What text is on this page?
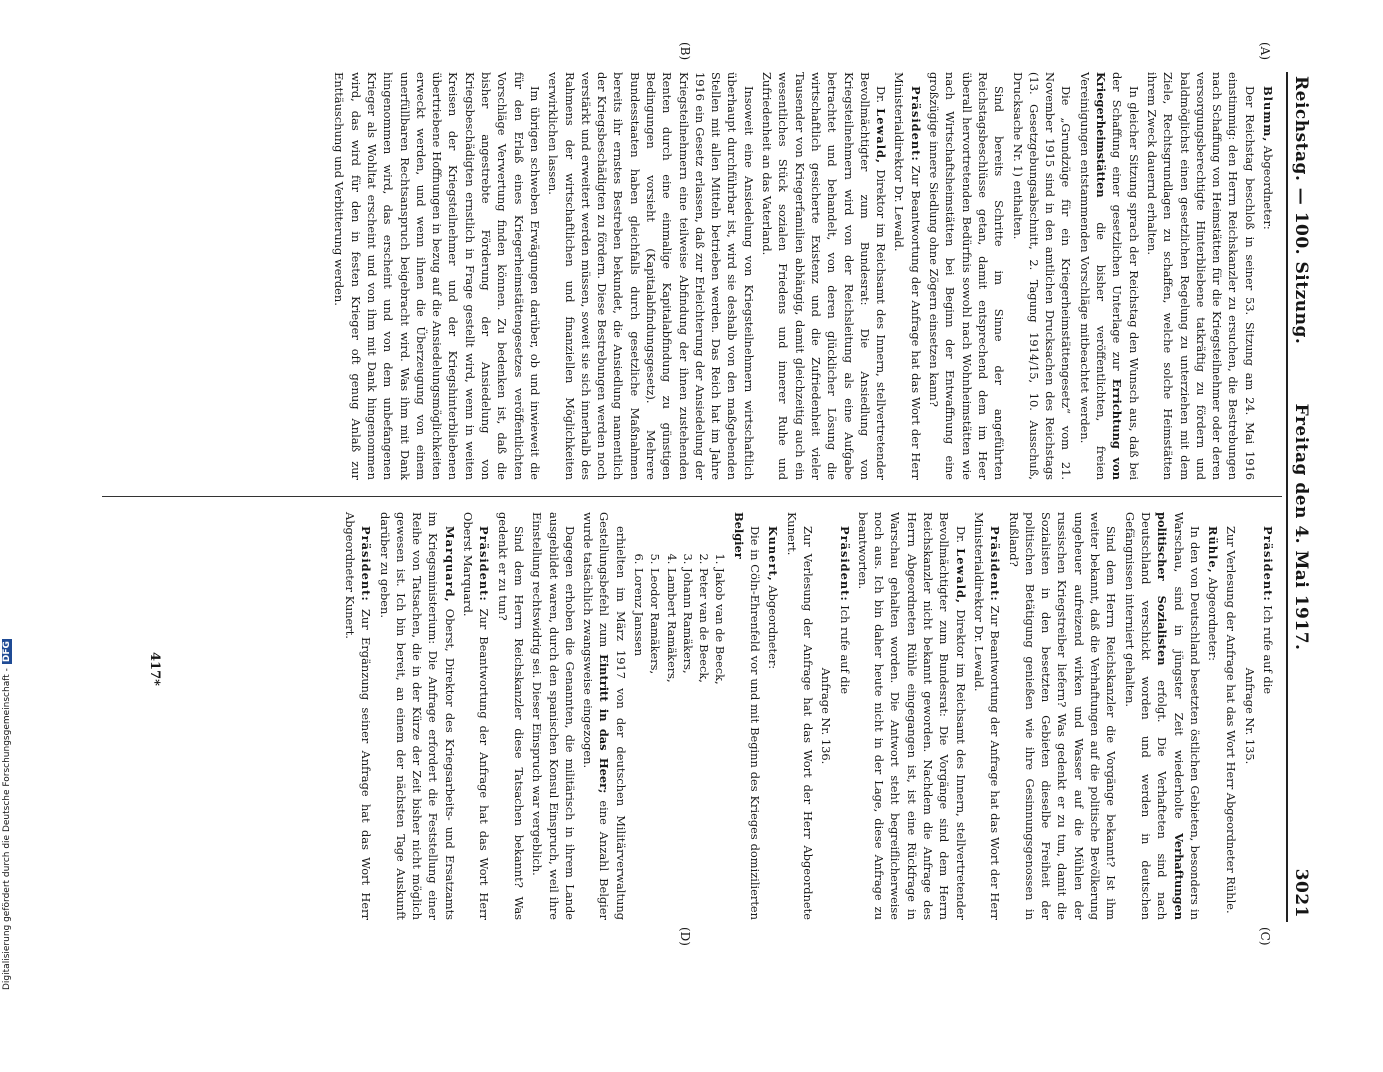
Reichstag. — 100. Sitzung.
Freitag den 4. Mai 1917.                                  3021
(A)
(B)
(C)
(D)

Blumm, Abgeordneter:

Der Reichstag beschloß in seiner 53. Sitzung am 24. Mai 1916 einstimmig: den Herrn Reichskanzler zu ersuchen, die Bestrebungen nach Schaffung von Heimstätten für die Kriegsteilnehmer oder deren versorgungsberechtigte Hinterbliebene tatkräftig zu fördern und baldmöglichst einen gesetzlichen Regelung zu unterziehen mit dem Ziele, Rechtsgrundlagen zu schaffen, welche solche Heimstätten ihrem Zweck dauernd erhalten.

In gleicher Sitzung sprach der Reichstag den Wunsch aus, daß bei der Schaffung einer gesetzlichen Unterlage zur Errichtung von Kriegerheimstätten die bisher veröffentlichten, freien Vereinigungen entstammenden Vorschläge mitbeachtet werden.

Die „Grundzüge für ein Kriegerheimstättengesetz“ vom 21. November 1915 sind in den amtlichen Drucksachen des Reichstags (13. Gesetzgebungsabschnitt, 2. Tagung 1914/15, 10. Ausschuß, Drucksache Nr. 1) enthalten.

Sind bereits Schritte im Sinne der angeführten Reichstagsbeschlüsse getan, damit entsprechend dem im Heer überall hervortretenden Bedürfnis sowohl nach Wohnheimstätten wie nach Wirtschaftsheimstätten bei Beginn der Entwaffnung eine großzügige innere Siedlung ohne Zögern einsetzen kann?

Präsident: Zur Beantwortung der Anfrage hat das Wort der Herr Ministerialdirektor Dr. Lewald.

Dr. Lewald, Direktor im Reichsamt des Innern, stellvertretender Bevollmächtigter zum Bundesrat: Die Ansiedlung von Kriegsteilnehmern wird von der Reichsleitung als eine Aufgabe betrachtet und behandelt, von deren glücklicher Lösung die wirtschaftlich gesicherte Existenz und die Zufriedenheit vieler Tausender von Kriegerfamilien abhängig, damit gleichzeitig auch ein wesentliches Stück sozialen Friedens und innerer Ruhe und Zufriedenheit an das Vaterland.

Insoweit eine Ansiedelung von Kriegsteilnehmern wirtschaftlich überhaupt durchführbar ist, wird sie deshalb von den maßgebenden Stellen mit allen Mitteln betrieben werden. Das Reich hat im Jahre 1916 ein Gesetz erlassen, daß zur Erleichterung der Ansiedelung der Kriegsteilnehmern eine teilweise Abfindung der ihnen zustehenden Renten durch eine einmalige Kapitalabfindung zu günstigen Bedingungen vorsieht (Kapitalabfindungsgesetz). Mehrere Bundesstaaten haben gleichfalls durch gesetzliche Maßnahmen bereits ihr ernstes Bestreben bekundet, die Ansiedlung namentlich der Kriegsbeschädigten zu fördern. Diese Bestrebungen werden noch verstärkt und erweitert werden müssen, soweit sie sich innerhalb des Rahmens der wirtschaftlichen und finanziellen Möglichkeiten verwirklichen lassen.

Im übrigen schweben Erwägungen darüber, ob und inwieweit die für den Erlaß eines Kriegerheimstättengesetzes veröffentlichten Vorschläge Verwertung finden können. Zu bedenken ist, daß die bisher angestrebte Förderung der Ansiedelung von Kriegsbeschädigten ernstlich in Frage gestellt wird, wenn in weiten Kreisen der Kriegsteilnehmer und der Kriegshinterbliebenen übertriebene Hoffnungen in bezug auf die Ansiedelungsmöglichkeiten erweckt werden, und wenn ihnen die Überzeugung von einem unerfüllbaren Rechtsanspruch beigebracht wird. Was ihm mit Dank hingenommen wird, das erscheint und von dem unbefangenen Krieger als Wohltat erscheint und von ihm mit Dank hingenommen wird, das wird für den in festen Krieger oft genug Anlaß zur Enttäuschung und Verbitterung werden.

Präsident: Ich rufe auf die

Anfrage Nr. 135.

Zur Verlesung der Anfrage hat das Wort Herr Abgeordneter Rühle.

Rühle, Abgeordneter:

In den von Deutschland besetzten östlichen Gebieten, besonders in Warschau, sind in jüngster Zeit wiederholte Verhaftungen politischer Sozialisten erfolgt. Die Verhafteten sind nach Deutschland verschickt worden und werden in deutschen Gefängnissen interniert gehalten.

Sind dem Herrn Reichskanzler die Vorgänge bekannt? Ist ihm weiter bekannt, daß die Verhaftungen auf die politische Bevölkerung ungeheuer aufreizend wirken und Wasser auf die Mühlen der russischen Kriegstreiber liefern? Was gedenkt er zu tun, damit die Sozialisten in den besetzten Gebieten dieselbe Freiheit der politischen Betätigung genießen wie ihre Gesinnungsgenossen in Rußland?

Präsident: Zur Beantwortung der Anfrage hat das Wort der Herr Ministerialdirektor Dr. Lewald.

Dr. Lewald, Direktor im Reichsamt des Innern, stellvertretender Bevollmächtigter zum Bundesrat: Die Vorgänge sind dem Herrn Reichskanzler nicht bekannt geworden. Nachdem die Anfrage des Herrn Abgeordneten Rühle eingegangen ist, ist eine Rückfrage in Warschau gehalten worden. Die Antwort steht begreiflicherweise noch aus. Ich bin daher heute nicht in der Lage, diese Anfrage zu beantworten.

Präsident: Ich rufe auf die

Anfrage Nr. 136.

Zur Verlesung der Anfrage hat das Wort der Herr Abgeordnete Kunert.

Kunert, Abgeordneter:

Die in Cöln-Ehrenfeld vor und mit Beginn des Krieges domizilierten Belgier

1. Jakob van de Beeck,
2. Peter van de Beeck,
3. Johann Ramäkers,
4. Lambert Ramäkers,
5. Leodor Ramäkers,
6. Lorenz Janssen

erhielten im März 1917 von der deutschen Militärverwaltung Gestellungsbefehl zum Eintritt in das Heer; eine Anzahl Belgier wurde tatsächlich zwangsweise eingezogen.

Dagegen erhoben die Genannten, die militärisch in ihrem Lande ausgebildet waren, durch den spanischen Konsul Einspruch, weil ihre Einstellung rechtswidrig sei. Dieser Einspruch war vergeblich.

Sind dem Herrn Reichskanzler diese Tatsachen bekannt? Was gedenkt er zu tun?

Präsident: Zur Beantwortung der Anfrage hat das Wort Herr Oberst Marquard.

Marquard, Oberst, Direktor des Kriegsarbeits- und Ersatzamts im Kriegsministerium: Die Anfrage erfordert die Feststellung einer Reihe von Tatsachen, die in der Kürze der Zeit bisher nicht möglich gewesen ist. Ich bin bereit, an einem der nächsten Tage Auskunft darüber zu geben.

Präsident: Zur Ergänzung seiner Anfrage hat das Wort Herr Abgeordneter Kunert.

417*
Digitalisierung gefördert durch die Deutsche Forschungsgemeinschaft -DFG
